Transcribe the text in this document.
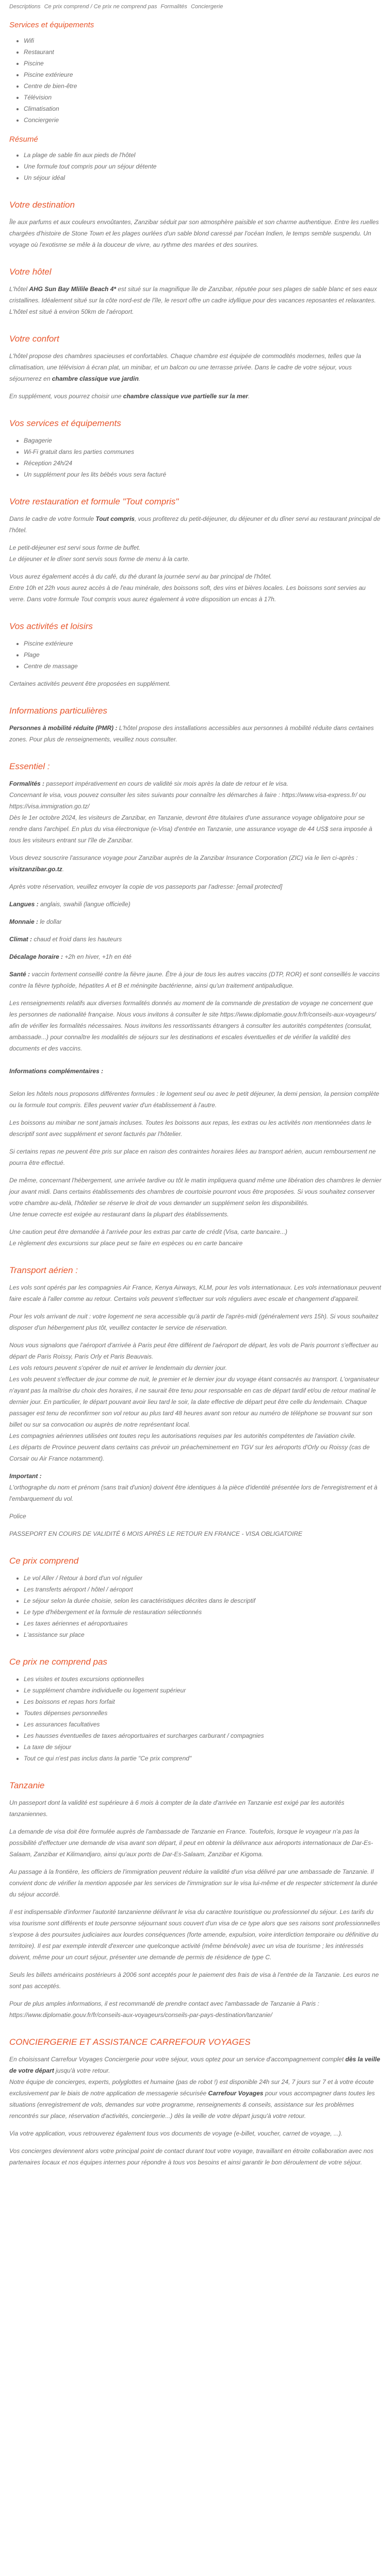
Descriptions Ce prix comprend / Ce prix ne comprend pas Formalités Conciergerie
Services et équipements
• Wifi
• Restaurant
• Piscine
• Piscine extérieure
• Centre de bien-être
• Télévision
• Climatisation
• Conciergerie
Résumé
• La plage de sable fin aux pieds de l'hôtel
• Une formule tout compris pour un séjour détente
• Un séjour idéal
Votre destination
Île aux parfums et aux couleurs envoûtantes, Zanzibar séduit par son atmosphère paisible et son charme authentique. Entre les ruelles chargées d'histoire de Stone Town et les plages ourlées d'un sable blond caressé par l'océan Indien, le temps semble suspendu. Un voyage où l'exotisme se mêle à la douceur de vivre, au rythme des marées et des sourires.
Votre hôtel
L'hôtel AHG Sun Bay Mlilile Beach 4* est situé sur la magnifique île de Zanzibar, réputée pour ses plages de sable blanc et ses eaux cristallines. Idéalement situé sur la côte nord-est de l'île, le resort offre un cadre idyllique pour des vacances reposantes et relaxantes. L'hôtel est situé à environ 50km de l'aéroport.
Votre confort
L'hôtel propose des chambres spacieuses et confortables. Chaque chambre est équipée de commodités modernes, telles que la climatisation, une télévision à écran plat, un minibar, et un balcon ou une terrasse privée. Dans le cadre de votre séjour, vous séjournerez en chambre classique vue jardin.
En supplément, vous pourrez choisir une chambre classique vue partielle sur la mer.
Vos services et équipements
• Bagagerie
• Wi-Fi gratuit dans les parties communes
• Réception 24h/24
• Un supplément pour les lits bébés vous sera facturé
Votre restauration et formule "Tout compris"
Dans le cadre de votre formule Tout compris, vous profiterez du petit-déjeuner, du déjeuner et du dîner servi au restaurant principal de l'hôtel.
Le petit-déjeuner est servi sous forme de buffet.
Le déjeuner et le dîner sont servis sous forme de menu à la carte.
Vous aurez également accès à du café, du thé durant la journée servi au bar principal de l'hôtel.
Entre 10h et 22h vous aurez accès à de l'eau minérale, des boissons soft, des vins et bières locales. Les boissons sont servies au verre. Dans votre formule Tout compris vous aurez également à votre disposition un encas à 17h.
Vos activités et loisirs
• Piscine extérieure
• Plage
• Centre de massage
Certaines activités peuvent être proposées en supplément.
Informations particulières
Personnes à mobilité réduite (PMR) : L'hôtel propose des installations accessibles aux personnes à mobilité réduite dans certaines zones. Pour plus de renseignements, veuillez nous consulter.
Essentiel :
Formalités : passeport impérativement en cours de validité six mois après la date de retour et le visa.
Concernant le visa, vous pouvez consulter les sites suivants pour connaître les démarches à faire : https://www.visa-express.fr/ ou https://visa.immigration.go.tz/
Dès le 1er octobre 2024, les visiteurs de Zanzibar, en Tanzanie, devront être titulaires d'une assurance voyage obligatoire pour se rendre dans l'archipel. En plus du visa électronique (e-Visa) d'entrée en Tanzanie, une assurance voyage de 44 US$ sera imposée à tous les visiteurs entrant sur l'île de Zanzibar.
Vous devez souscrire l'assurance voyage pour Zanzibar auprès de la Zanzibar Insurance Corporation (ZIC) via le lien ci-après : visitzanzibar.go.tz.
Après votre réservation, veuillez envoyer la copie de vos passeports par l'adresse: [email protected]
Langues : anglais, swahili (langue officielle)
Monnaie : le dollar
Climat : chaud et froid dans les hauteurs
Décalage horaire : +2h en hiver, +1h en été
Santé : vaccin fortement conseillé contre la fièvre jaune. Être à jour de tous les autres vaccins (DTP, ROR) et sont conseillés le vaccins contre la fièvre typhoïde, hépatites A et B et méningite bactérienne, ainsi qu'un traitement antipaludique.
Les renseignements relatifs aux diverses formalités donnés au moment de la commande de prestation de voyage ne concernent que les personnes de nationalité française. Nous vous invitons à consulter le site https://www.diplomatie.gouv.fr/fr/conseils-aux-voyageurs/ afin de vérifier les formalités nécessaires. Nous invitons les ressortissants étrangers à consulter les autorités compétentes (consulat, ambassade...) pour connaître les modalités de séjours sur les destinations et escales éventuelles et de vérifier la validité des documents et des vaccins.

Informations complémentaires :

Selon les hôtels nous proposons différentes formules : le logement seul ou avec le petit déjeuner, la demi pension, la pension complète ou la formule tout compris. Elles peuvent varier d'un établissement à l'autre.
Les boissons au minibar ne sont jamais incluses. Toutes les boissons aux repas, les extras ou les activités non mentionnées dans le descriptif sont avec supplément et seront facturés par l'hôtelier.
Si certains repas ne peuvent être pris sur place en raison des contraintes horaires liées au transport aérien, aucun remboursement ne pourra être effectué.
De même, concernant l'hébergement, une arrivée tardive ou tôt le matin impliquera quand même une libération des chambres le dernier jour avant midi. Dans certains établissements des chambres de courtoisie pourront vous être proposées. Si vous souhaitez conserver votre chambre au-delà, l'hôtelier se réserve le droit de vous demander un supplément selon les disponibilités.
Une tenue correcte est exigée au restaurant dans la plupart des établissements.
Une caution peut être demandée à l'arrivée pour les extras par carte de crédit (Visa, carte bancaire...)
Le règlement des excursions sur place peut se faire en espèces ou en carte bancaire
Transport aérien :
Les vols sont opérés par les compagnies Air France, Kenya Airways, KLM, pour les vols internationaux. Les vols internationaux peuvent faire escale à l'aller comme au retour. Certains vols peuvent s'effectuer sur vols réguliers avec escale et changement d'appareil.
Pour les vols arrivant de nuit : votre logement ne sera accessible qu'à partir de l'après-midi (généralement vers 15h). Si vous souhaitez disposer d'un hébergement plus tôt, veuillez contacter le service de réservation.
Nous vous signalons que l'aéroport d'arrivée à Paris peut être différent de l'aéroport de départ, les vols de Paris pourront s'effectuer au départ de Paris Roissy, Paris Orly et Paris Beauvais.
Les vols retours peuvent s'opérer de nuit et arriver le lendemain du dernier jour.
Les vols peuvent s'effectuer de jour comme de nuit, le premier et le dernier jour du voyage étant consacrés au transport. L'organisateur n'ayant pas la maîtrise du choix des horaires, il ne saurait être tenu pour responsable en cas de départ tardif et/ou de retour matinal le dernier jour. En particulier, le départ pouvant avoir lieu tard le soir, la date effective de départ peut être celle du lendemain. Chaque passager est tenu de reconfirmer son vol retour au plus tard 48 heures avant son retour au numéro de téléphone se trouvant sur son billet ou sur sa convocation ou auprès de notre représentant local.
Les compagnies aériennes utilisées ont toutes reçu les autorisations requises par les autorités compétentes de l'aviation civile.
Les départs de Province peuvent dans certains cas prévoir un préacheminement en TGV sur les aéroports d'Orly ou Roissy (cas de Corsair ou Air France notamment).
Important :
L'orthographe du nom et prénom (sans trait d'union) doivent être identiques à la pièce d'identité présentée lors de l'enregistrement et à l'embarquement du vol.
Police
PASSEPORT EN COURS DE VALIDITÉ 6 MOIS APRÈS LE RETOUR EN FRANCE - VISA OBLIGATOIRE
Ce prix comprend
• Le vol Aller / Retour à bord d'un vol régulier
• Les transferts aéroport / hôtel / aéroport
• Le séjour selon la durée choisie, selon les caractéristiques décrites dans le descriptif
• Le type d'hébergement et la formule de restauration sélectionnés
• Les taxes aériennes et aéroportuaires
• L'assistance sur place
Ce prix ne comprend pas
• Les visites et toutes excursions optionnelles
• Le supplément chambre individuelle ou logement supérieur
• Les boissons et repas hors forfait
• Toutes dépenses personnelles
• Les assurances facultatives
• Les hausses éventuelles de taxes aéroportuaires et surcharges carburant / compagnies
• La taxe de séjour
• Tout ce qui n'est pas inclus dans la partie "Ce prix comprend"
Tanzanie
Un passeport dont la validité est supérieure à 6 mois à compter de la date d'arrivée en Tanzanie est exigé par les autorités tanzaniennes.
La demande de visa doit être formulée auprès de l'ambassade de Tanzanie en France. Toutefois, lorsque le voyageur n'a pas la possibilité d'effectuer une demande de visa avant son départ, il peut en obtenir la délivrance aux aéroports internationaux de Dar-Es-Salaam, Zanzibar et Kilimandjaro, ainsi qu'aux ports de Dar-Es-Salaam, Zanzibar et Kigoma.
Au passage à la frontière, les officiers de l'immigration peuvent réduire la validité d'un visa délivré par une ambassade de Tanzanie. Il convient donc de vérifier la mention apposée par les services de l'immigration sur le visa lui-même et de respecter strictement la durée du séjour accordé.
Il est indispensable d'informer l'autorité tanzanienne délivrant le visa du caractère touristique ou professionnel du séjour. Les tarifs du visa tourisme sont différents et toute personne séjournant sous couvert d'un visa de ce type alors que ses raisons sont professionnelles s'expose à des poursuites judiciaires aux lourdes conséquences (forte amende, expulsion, voire interdiction temporaire ou définitive du territoire). Il est par exemple interdit d'exercer une quelconque activité (même bénévole) avec un visa de tourisme ; les intéressés doivent, même pour un court séjour, présenter une demande de permis de résidence de type C.
Seuls les billets américains postérieurs à 2006 sont acceptés pour le paiement des frais de visa à l'entrée de la Tanzanie. Les euros ne sont pas acceptés.
Pour de plus amples informations, il est recommandé de prendre contact avec l'ambassade de Tanzanie à Paris :
https://www.diplomatie.gouv.fr/fr/conseils-aux-voyageurs/conseils-par-pays-destination/tanzanie/
CONCIERGERIE ET ASSISTANCE CARREFOUR VOYAGES
En choisissant Carrefour Voyages Conciergerie pour votre séjour, vous optez pour un service d'accompagnement complet dès la veille de votre départ jusqu'à votre retour.
Notre équipe de concierges, experts, polyglottes et humaine (pas de robot !) est disponible 24h sur 24, 7 jours sur 7 et à votre écoute exclusivement par le biais de notre application de messagerie sécurisée Carrefour Voyages pour vous accompagner dans toutes les situations (enregistrement de vols, demandes sur votre programme, renseignements & conseils, assistance sur les problèmes rencontrés sur place, réservation d'activités, conciergerie...) dès la veille de votre départ jusqu'à votre retour.
Via votre application, vous retrouverez également tous vos documents de voyage (e-billet, voucher, carnet de voyage, ...).
Vos concierges deviennent alors votre principal point de contact durant tout votre voyage, travaillant en étroite collaboration avec nos partenaires locaux et nos équipes internes pour répondre à tous vos besoins et ainsi garantir le bon déroulement de votre séjour.
